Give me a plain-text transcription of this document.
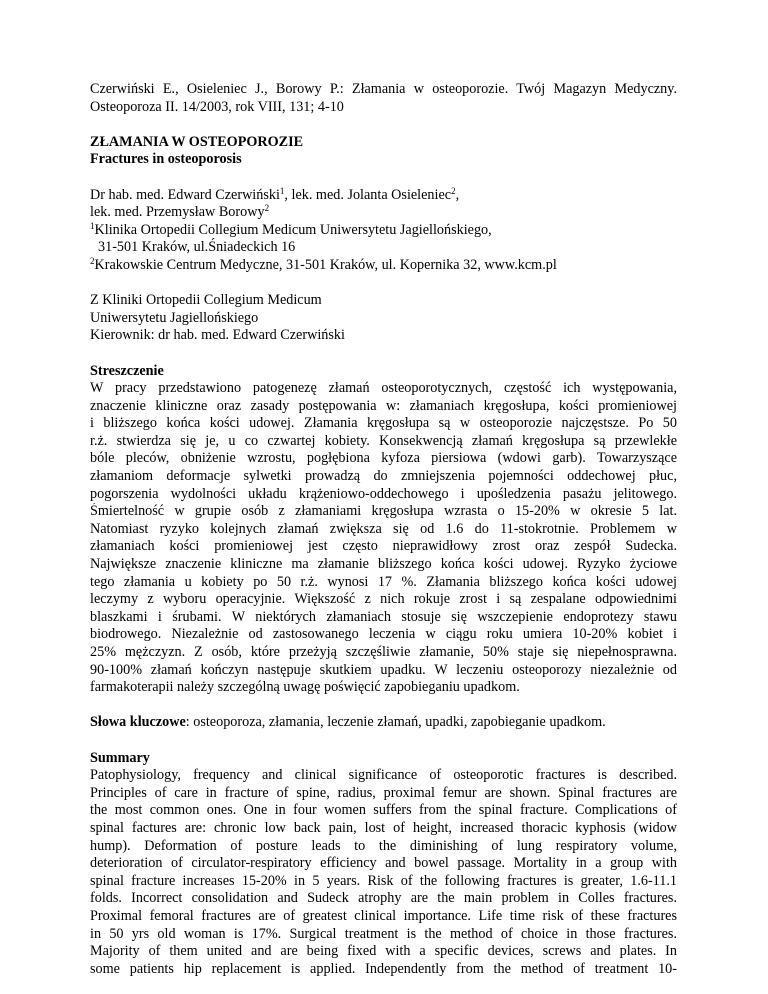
Czerwiński E., Osieleniec J., Borowy P.: Złamania w osteoporozie. Twój Magazyn Medyczny.
Osteoporoza II. 14/2003, rok VIII, 131; 4-10
ZŁAMANIA W OSTEOPOROZIE
Fractures in osteoporosis
Dr hab. med. Edward Czerwiński$^1$, lek. med. Jolanta Osieleniec$^2$,
lek. med. Przemysław Borowy$^2$
$^1$Klinika Ortopedii Collegium Medicum Uniwersytetu Jagiellońskiego,
31-501 Kraków, ul.Śniadeckich 16
$^2$Krakowskie Centrum Medyczne, 31-501 Kraków, ul. Kopernika 32, www.kcm.pl
Z Kliniki Ortopedii Collegium Medicum
Uniwersytetu Jagiellońskiego
Kierownik: dr hab. med. Edward Czerwiński
Streszczenie
W pracy przedstawiono patogenezę złamań osteoporotycznych, częstość ich występowania,
znaczenie kliniczne oraz zasady postępowania w: złamaniach kręgosłupa, kości promieniowej
i bliższego końca kości udowej. Złamania kręgosłupa są w osteoporozie najczęstsze. Po 50
r.ż. stwierdza się je, u co czwartej kobiety. Konsekwencją złamań kręgosłupa są przewlekłe
bóle pleców, obniżenie wzrostu, pogłębiona kyfoza piersiowa (wdowi garb). Towarzyszące
złamaniom deformacje sylwetki prowadzą do zmniejszenia pojemności oddechowej płuc,
pogorszenia wydolności układu krążeniowo-oddechowego i upośledzenia pasażu jelitowego.
Śmiertelność w grupie osób z złamaniami kręgosłupa wzrasta o 15-20% w okresie 5 lat.
Natomiast ryzyko kolejnych złamań zwiększa się od 1.6 do 11-stokrotnie. Problemem w
złamaniach kości promieniowej jest często nieprawidłowy zrost oraz zespół Sudecka.
Największe znaczenie kliniczne ma złamanie bliższego końca kości udowej. Ryzyko życiowe
tego złamania u kobiety po 50 r.ż. wynosi 17 %. Złamania bliższego końca kości udowej
leczymy z wyboru operacyjnie. Większość z nich rokuje zrost i są zespalane odpowiednimi
blaszkami i śrubami. W niektórych złamaniach stosuje się wszczepienie endoprotezy stawu
biodrowego. Niezależnie od zastosowanego leczenia w ciągu roku umiera 10-20% kobiet i
25% mężczyzn. Z osób, które przeżyją szczęśliwie złamanie, 50% staje się niepełnosprawna.
90-100% złamań kończyn następuje skutkiem upadku. W leczeniu osteoporozy niezależnie od
farmakoterapii należy szczególną uwagę poświęcić zapobieganiu upadkom.
Słowa kluczowe: osteoporoza, złamania, leczenie złamań, upadki, zapobieganie upadkom.
Summary
Patophysiology, frequency and clinical significance of osteoporotic fractures is described.
Principles of care in fracture of spine, radius, proximal femur are shown. Spinal fractures are
the most common ones. One in four women suffers from the spinal fracture. Complications of
spinal factures are: chronic low back pain, lost of height, increased thoracic kyphosis (widow
hump). Deformation of posture leads to the diminishing of lung respiratory volume,
deterioration of circulator-respiratory efficiency and bowel passage. Mortality in a group with
spinal fracture increases 15-20% in 5 years. Risk of the following fractures is greater, 1.6-11.1
folds. Incorrect consolidation and Sudeck atrophy are the main problem in Colles fractures.
Proximal femoral fractures are of greatest clinical importance. Life time risk of these fractures
in 50 yrs old woman is 17%. Surgical treatment is the method of choice in those fractures.
Majority of them united and are being fixed with a specific devices, screws and plates. In
some patients hip replacement is applied. Independently from the method of treatment 10-
